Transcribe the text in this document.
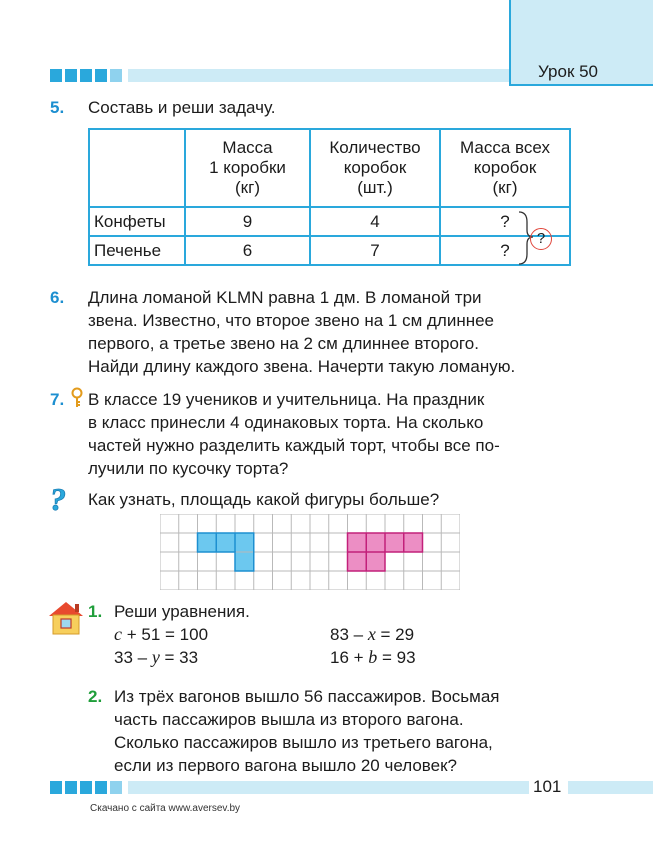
Урок 50
5. Составь и реши задачу.
	Масса
1 коробки
(кг)	Количество
коробок
(шт.)	Масса всех
коробок
(кг)
Конфеты	9	4	?
Печенье	6	7	?
?
6. Длина ломаной KLMN равна 1 дм. В ломаной три
звена. Известно, что второе звено на 1 см длиннее
первого, а третье звено на 2 см длиннее второго.
Найди длину каждого звена. Начерти такую ломаную.
7. В классе 19 учеников и учительница. На праздник
в класс принесли 4 одинаковых торта. На сколько
частей нужно разделить каждый торт, чтобы все по-
лучили по кусочку торта?
? Как узнать, площадь какой фигуры больше?
1. Реши уравнения.
c + 51 = 100	83 – x = 29
33 – y = 33	16 + b = 93
2. Из трёх вагонов вышло 56 пассажиров. Восьмая
часть пассажиров вышла из второго вагона.
Сколько пассажиров вышло из третьего вагона,
если из первого вагона вышло 20 человек?
101
Скачано с сайта www.aversev.by
